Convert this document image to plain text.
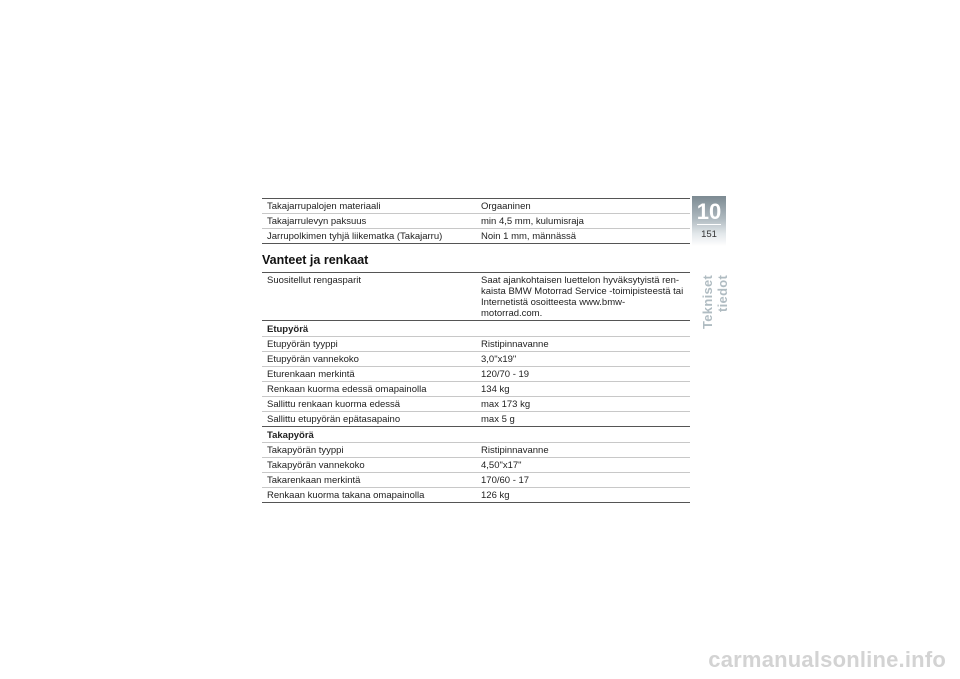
Takajarrupalojen materiaali	Orgaaninen
Takajarrulevyn paksuus	min 4,5 mm, kulumisraja
Jarrupolkimen tyhjä liikematka (Takajarru)	Noin 1 mm, männässä
Vanteet ja renkaat
Suositellut rengasparit	Saat ajankohtaisen luettelon hyväksytyistä ren-
kaista BMW Motorrad Service -toimipisteestä tai
Internetistä osoitteesta www.bmw-motorrad.com.

Etupyörä	
Etupyörän tyyppi	Ristipinnavanne
Etupyörän vannekoko	3,0"x19"
Eturenkaan merkintä	120/70 - 19
Renkaan kuorma edessä omapainolla	134 kg
Sallittu renkaan kuorma edessä	max 173 kg
Sallittu etupyörän epätasapaino	max 5 g
Takapyörä	
Takapyörän tyyppi	Ristipinnavanne
Takapyörän vannekoko	4,50"x17"
Takarenkaan merkintä	170/60 - 17
Renkaan kuorma takana omapainolla	126 kg
10
151
Tekniset tiedot
carmanualsonline.info
